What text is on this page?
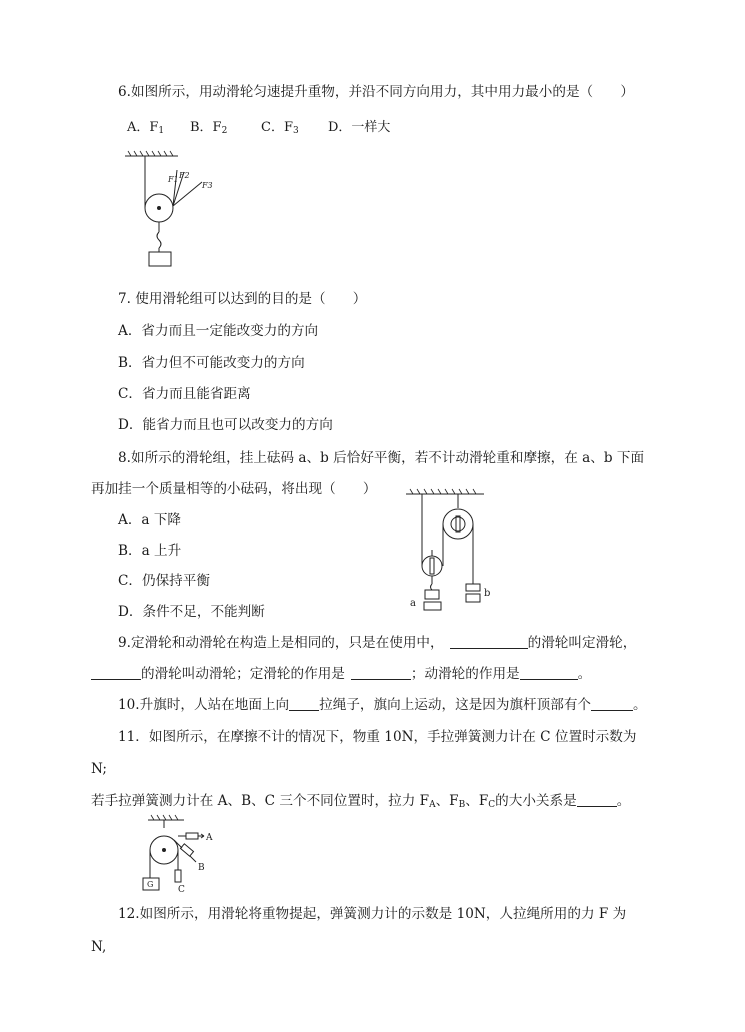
6.如图所示，用动滑轮匀速提升重物，并沿不同方向用力，其中用力最小的是（　　）
A．$F_1$ B．$F_2$	C．$F_3$ D．一样大
F1 F2
F3
7. 使用滑轮组可以达到的目的是（　　）
A．省力而且一定能改变力的方向
B．省力但不可能改变力的方向
C．省力而且能省距离
D．能省力而且也可以改变力的方向
8.如所示的滑轮组，挂上砝码 a、b 后恰好平衡，若不计动滑轮重和摩擦，在 a、b 下面
再加挂一个质量相等的小砝码，将出现（　　）
A．a 下降
B．a 上升
C．仍保持平衡
D．条件不足，不能判断
a
b
9.定滑轮和动滑轮在构造上是相同的，只是在使用中，	的滑轮叫定滑轮，
的滑轮叫动滑轮；定滑轮的作用是	；动滑轮的作用是	。
10.升旗时，人站在地面上向 拉绳子，旗向上运动，这是因为旗杆顶部有个	。
11．如图所示，在摩擦不计的情况下，物重 10N，手拉弹簧测力计在 C 位置时示数为
N;
若手拉弹簧测力计在 A、B、C 三个不同位置时，拉力 $F_A$、$F_B$、$F_C$的大小关系是	。
A
B
C
G
12.如图所示，用滑轮将重物提起，弹簧测力计的示数是 10N，人拉绳所用的力 F 为
N,
